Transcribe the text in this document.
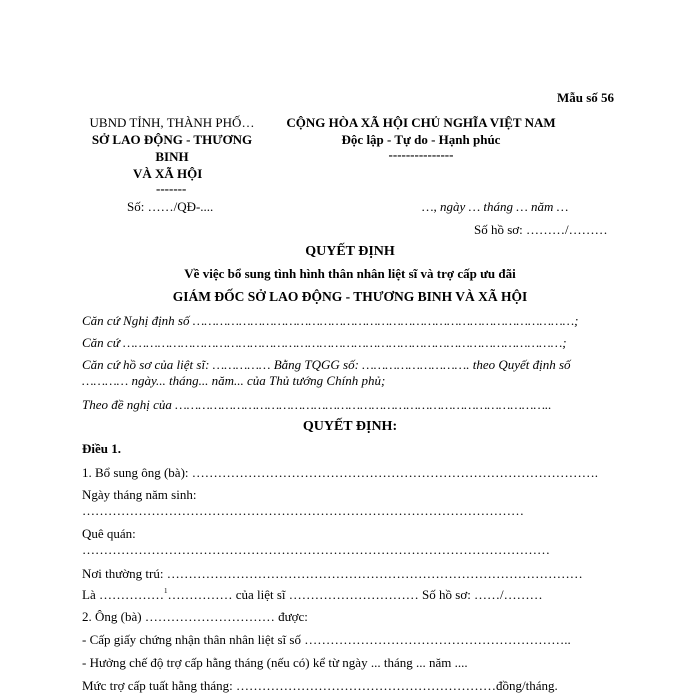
Mẫu số 56
UBND TỈNH, THÀNH PHỐ…
SỞ LAO ĐỘNG - THƯƠNG
BINH
VÀ XÃ HỘI
-------
CỘNG HÒA XÃ HỘI CHỦ NGHĨA VIỆT NAM
Độc lập - Tự do - Hạnh phúc
---------------
Số: ……/QĐ-....	…, ngày … tháng … năm …
Số hồ sơ: ………/………
QUYẾT ĐỊNH
Về việc bổ sung tình hình thân nhân liệt sĩ và trợ cấp ưu đãi
GIÁM ĐỐC SỞ LAO ĐỘNG - THƯƠNG BINH VÀ XÃ HỘI
Căn cứ Nghị định số ………………………………………………………………………………………;
Căn cứ ……………………………………………………………………………………………………;
Căn cứ hồ sơ của liệt sĩ: …………… Bằng TQGG số: ………………………. theo Quyết định số
………… ngày... tháng... năm... của Thủ tướng Chính phủ;
Theo đề nghị của ……………………………………………………………………………………..
QUYẾT ĐỊNH:
Điều 1.
1. Bổ sung ông (bà): ………………………………………………………………………………….
Ngày tháng năm sinh:
…………………………………………………………………………………………
Quê quán:
………………………………………………………………………………………………
Nơi thường trú: ……………………………………………………………………………………
Là ……………$^1$…………… của liệt sĩ ………………………… Số hồ sơ: ……/………
2. Ông (bà) ………………………… được:
- Cấp giấy chứng nhận thân nhân liệt sĩ số ……………………………………………………..
- Hưởng chế độ trợ cấp hằng tháng (nếu có) kể từ ngày ... tháng ... năm ....
Mức trợ cấp tuất hằng tháng: ……………………………………………………đồng/tháng.
